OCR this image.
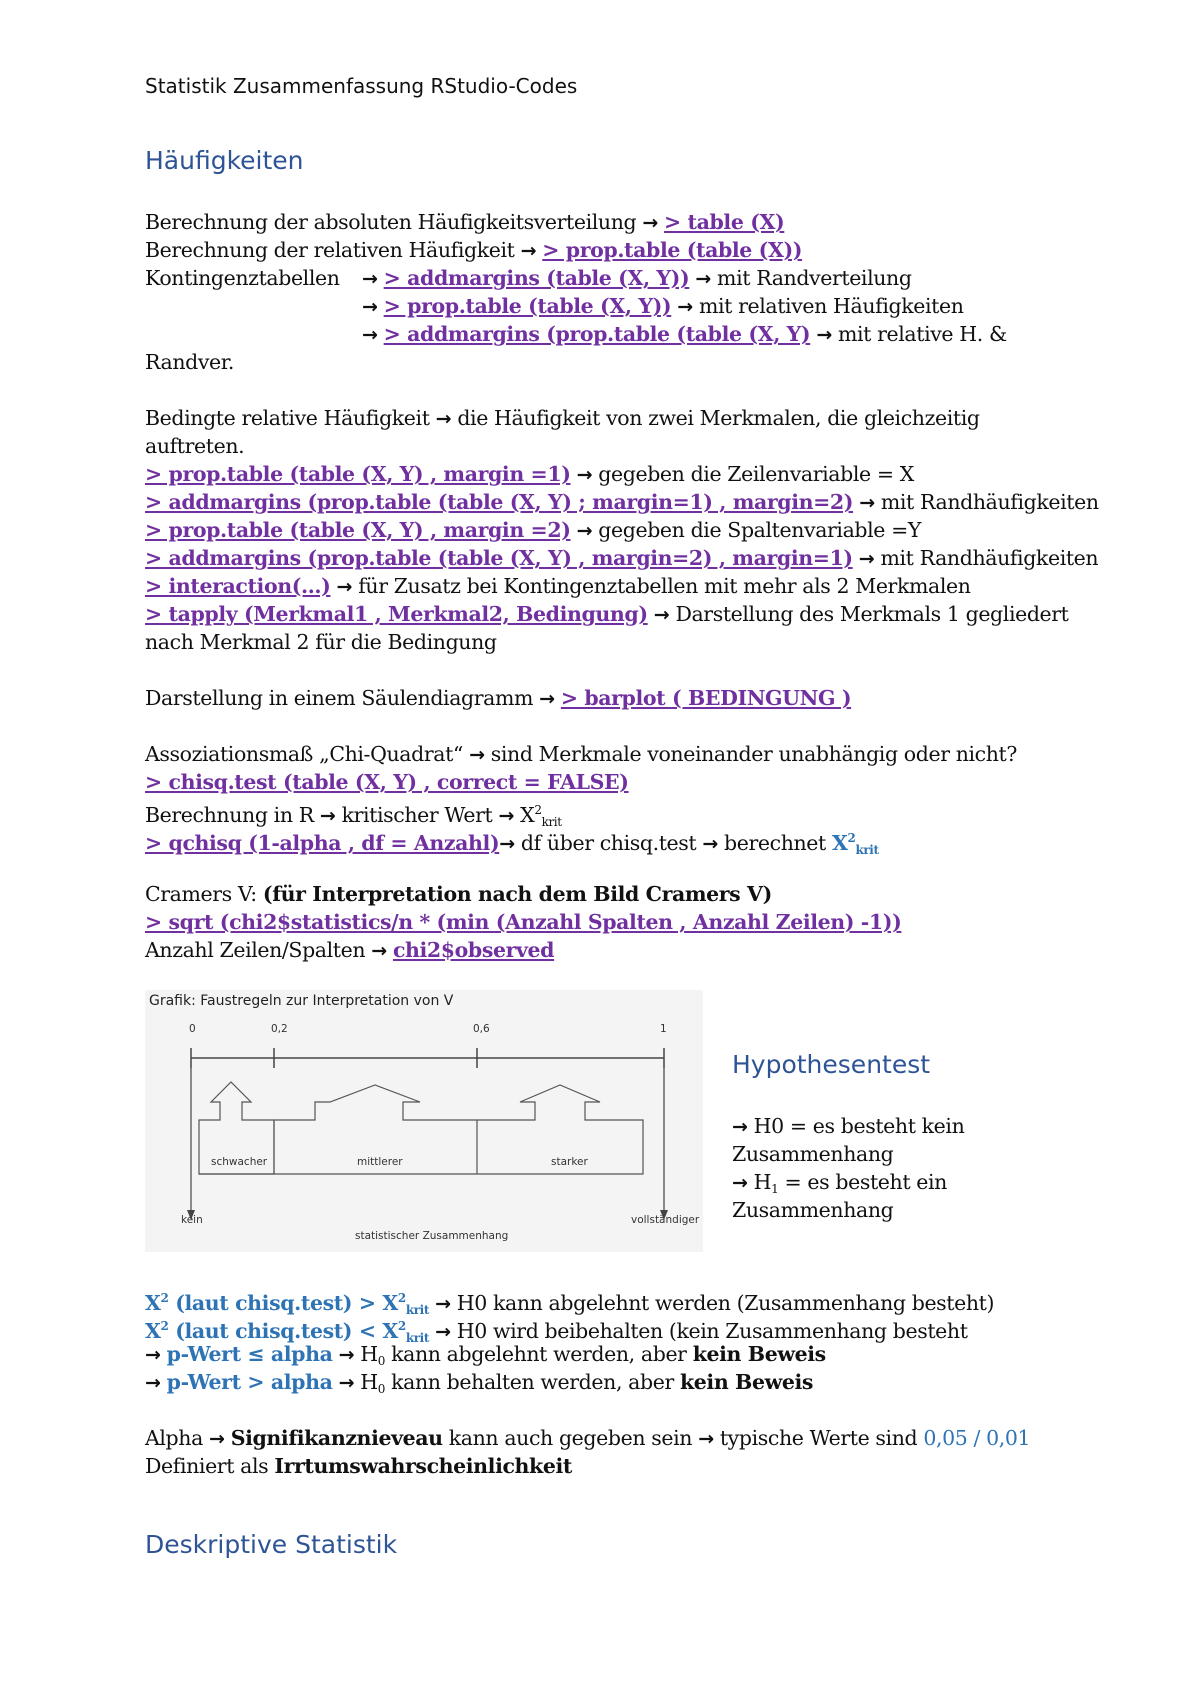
Statistik Zusammenfassung RStudio-Codes
Häufigkeiten
Berechnung der absoluten Häufigkeitsverteilung → > table (X)
Berechnung der relativen Häufigkeit → > prop.table (table (X))
Kontingenztabellen → > addmargins (table (X, Y)) → mit Randverteilung
→ > prop.table (table (X, Y)) → mit relativen Häufigkeiten
→ > addmargins (prop.table (table (X, Y) → mit relative H. &
Randver.
Bedingte relative Häufigkeit → die Häufigkeit von zwei Merkmalen, die gleichzeitig
auftreten.
> prop.table (table (X, Y) , margin =1) → gegeben die Zeilenvariable = X
> addmargins (prop.table (table (X, Y) ; margin=1) , margin=2) → mit Randhäufigkeiten
> prop.table (table (X, Y) , margin =2) → gegeben die Spaltenvariable =Y
> addmargins (prop.table (table (X, Y) , margin=2) , margin=1) → mit Randhäufigkeiten
> interaction(…) → für Zusatz bei Kontingenztabellen mit mehr als 2 Merkmalen
> tapply (Merkmal1 , Merkmal2, Bedingung) → Darstellung des Merkmals 1 gegliedert
nach Merkmal 2 für die Bedingung
Darstellung in einem Säulendiagramm → > barplot ( BEDINGUNG )
Assoziationsmaß „Chi-Quadrat“ → sind Merkmale voneinander unabhängig oder nicht?
> chisq.test (table (X, Y) , correct = FALSE)
Berechnung in R → kritischer Wert → $X^2_{krit}$
> qchisq (1-alpha , df = Anzahl)→ df über chisq.test → berechnet $X^2_{krit}$
Cramers V: (für Interpretation nach dem Bild Cramers V)
> sqrt (chi2$statistics/n * (min (Anzahl Spalten , Anzahl Zeilen) -1))
Anzahl Zeilen/Spalten → chi2$observed
Grafik: Faustregeln zur Interpretation von V
0	0,2	0,6	1
schwacher	mittlerer	starker
kein	vollständiger
statistischer Zusammenhang
Hypothesentest
→ H0 = es besteht kein
Zusammenhang
→ $H_1$ = es besteht ein
Zusammenhang
$X^2$ (laut chisq.test) > $X^2_{krit} \to H0$ kann abgelehnt werden (Zusammenhang besteht)
$X^2$ (laut chisq.test) < $X^2_{krit} \to H0$ wird beibehalten (kein Zusammenhang besteht
→ p-Wert ≤ alpha → $H_0$ kann abgelehnt werden, aber kein Beweis
→ p-Wert > alpha → $H_0$ kann behalten werden, aber kein Beweis
Alpha → Signifikanznieveau kann auch gegeben sein → typische Werte sind 0,05 / 0,01
Definiert als Irrtumswahrscheinlichkeit
Deskriptive Statistik
